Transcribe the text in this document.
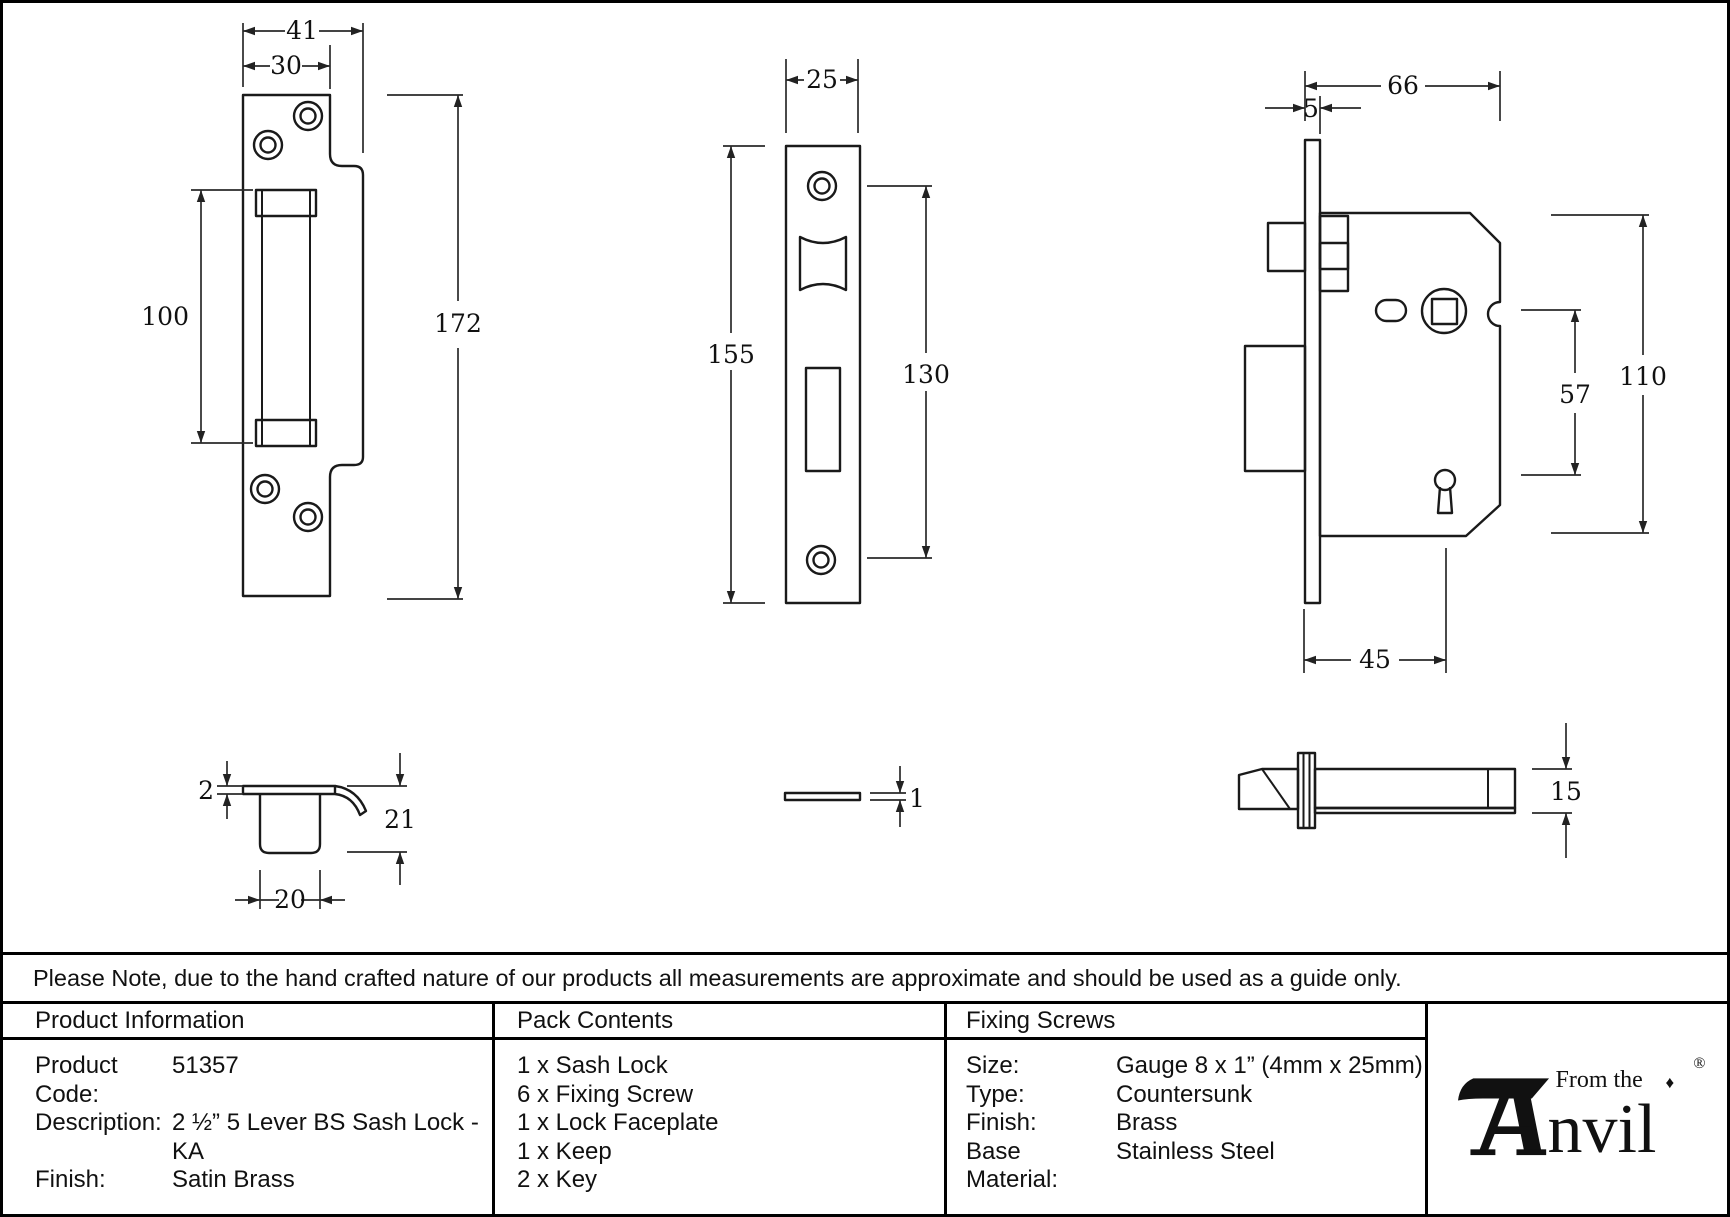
41
30
100	172
25
155
130
66
5
110
57
45
2
21
20
1	15
Please Note, due to the hand crafted nature of our products all measurements are approximate and should be used as a guide only.
Product Information
Product Code:
51357
Description: 2 ½” 5 Lever BS Sash Lock - KA
Finish:	Satin Brass
Pack Contents
1 x Sash Lock
6 x Fixing Screw
1 x Lock Faceplate
1 x Keep
2 x Key
Fixing Screws
Size:	Gauge 8 x 1” (4mm x 25mm)
Type:	Countersunk
Finish:	Brass
Base Material:
Stainless Steel
From the ♦
nvil
®
